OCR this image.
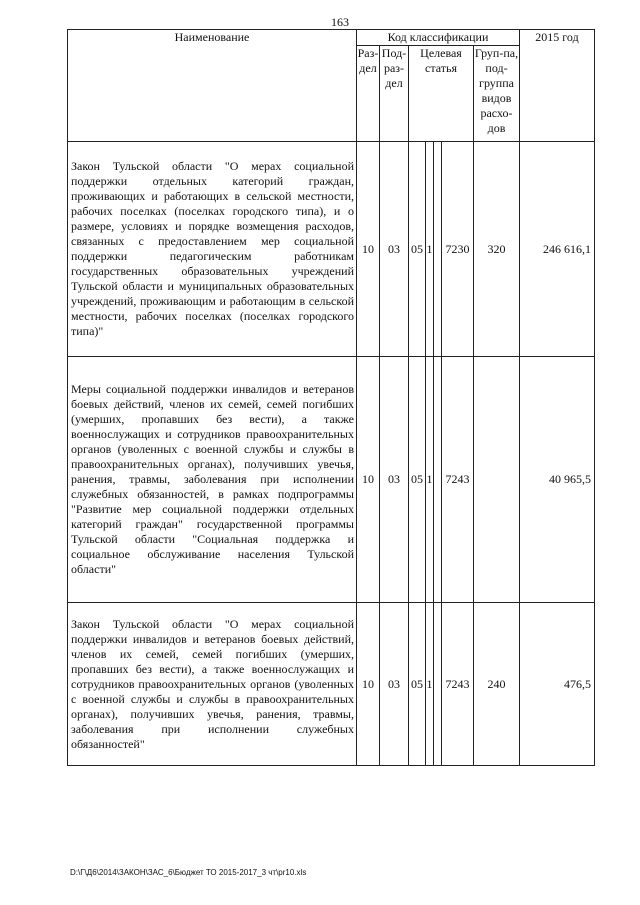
163
Наименование	Код классификации							2015 год
	Раз-дел	Под-раз-дел	Целевая статья				Груп-па, под-группа видов расхо-дов	
Закон Тульской области "О мерах социальной поддержки отдельных категорий граждан, проживающих и работающих в сельской местности, рабочих поселках (поселках городского типа), и о размере, условиях и порядке возмещения расходов, связанных с предоставлением мер социальной поддержки педагогическим работникам государственных образовательных учреждений Тульской области и муниципальных образовательных учреждений, проживающим и работающим в сельской местности, рабочих поселках (поселках городского типа)"	10	03	05	1		7230	320	246 616,1
Меры социальной поддержки инвалидов и ветеранов боевых действий, членов их семей, семей погибших (умерших, пропавших без вести), а также военнослужащих и сотрудников правоохранительных органов (уволенных с военной службы и службы в правоохранительных органах), получивших увечья, ранения, травмы, заболевания при исполнении служебных обязанностей, в рамках подпрограммы "Развитие мер социальной поддержки отдельных категорий граждан" государственной программы Тульской области "Социальная поддержка и социальное обслуживание населения Тульской области"	10	03	05	1		7243		40 965,5
Закон Тульской области "О мерах социальной поддержки инвалидов и ветеранов боевых действий, членов их семей, семей погибших (умерших, пропавших без вести), а также военнослужащих и сотрудников правоохранительных органов (уволенных с военной службы и службы в правоохранительных органах), получивших увечья, ранения, травмы, заболевания при исполнении служебных обязанностей"	10	03	05	1		7243	240	476,5
D:\Г\Д6\2014\ЗАКОН\ЗАС_6\Бюджет ТО 2015-2017_3 чт\pr10.xls
